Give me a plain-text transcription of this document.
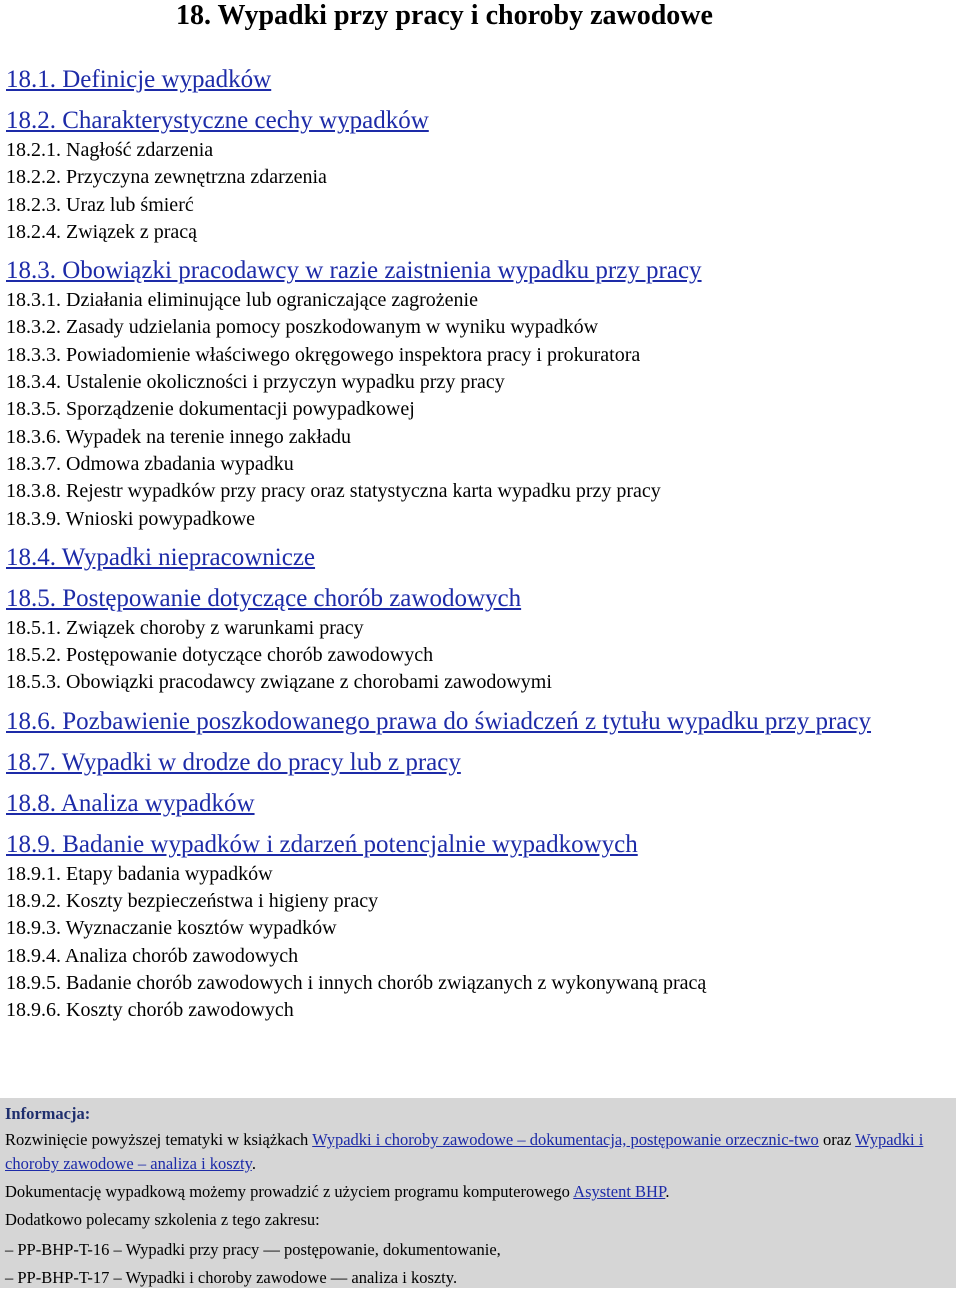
18. Wypadki przy pracy i choroby zawodowe
18.1. Definicje wypadków
18.2. Charakterystyczne cechy wypadków

18.2.1. Nagłość zdarzenia

18.2.2. Przyczyna zewnętrzna zdarzenia

18.2.3. Uraz lub śmierć

18.2.4. Związek z pracą

18.3. Obowiązki pracodawcy w razie zaistnienia wypadku przy pracy

18.3.1. Działania eliminujące lub ograniczające zagrożenie

18.3.2. Zasady udzielania pomocy poszkodowanym w wyniku wypadków

18.3.3. Powiadomienie właściwego okręgowego inspektora pracy i prokuratora

18.3.4. Ustalenie okoliczności i przyczyn wypadku przy pracy

18.3.5. Sporządzenie dokumentacji powypadkowej

18.3.6. Wypadek na terenie innego zakładu

18.3.7. Odmowa zbadania wypadku

18.3.8. Rejestr wypadków przy pracy oraz statystyczna karta wypadku przy pracy

18.3.9. Wnioski powypadkowe

18.4. Wypadki niepracownicze
18.5. Postępowanie dotyczące chorób zawodowych

18.5.1. Związek choroby z warunkami pracy

18.5.2. Postępowanie dotyczące chorób zawodowych

18.5.3. Obowiązki pracodawcy związane z chorobami zawodowymi

18.6. Pozbawienie poszkodowanego prawa do świadczeń z tytułu wypadku przy pracy
18.7. Wypadki w drodze do pracy lub z pracy
18.8. Analiza wypadków
18.9. Badanie wypadków i zdarzeń potencjalnie wypadkowych

18.9.1. Etapy badania wypadków

18.9.2. Koszty bezpieczeństwa i higieny pracy

18.9.3. Wyznaczanie kosztów wypadków

18.9.4. Analiza chorób zawodowych

18.9.5. Badanie chorób zawodowych i innych chorób związanych z wykonywaną pracą

18.9.6. Koszty chorób zawodowych

Informacja:

Rozwinięcie powyższej tematyki w książkach Wypadki i choroby zawodowe – dokumentacja, postępowanie orzecznic-two oraz Wypadki i choroby zawodowe – analiza i koszty.

Dokumentację wypadkową możemy prowadzić z użyciem programu komputerowego Asystent BHP.

Dodatkowo polecamy szkolenia z tego zakresu:

– PP-BHP-T-16 – Wypadki przy pracy — postępowanie, dokumentowanie,

– PP-BHP-T-17 – Wypadki i choroby zawodowe — analiza i koszty.
